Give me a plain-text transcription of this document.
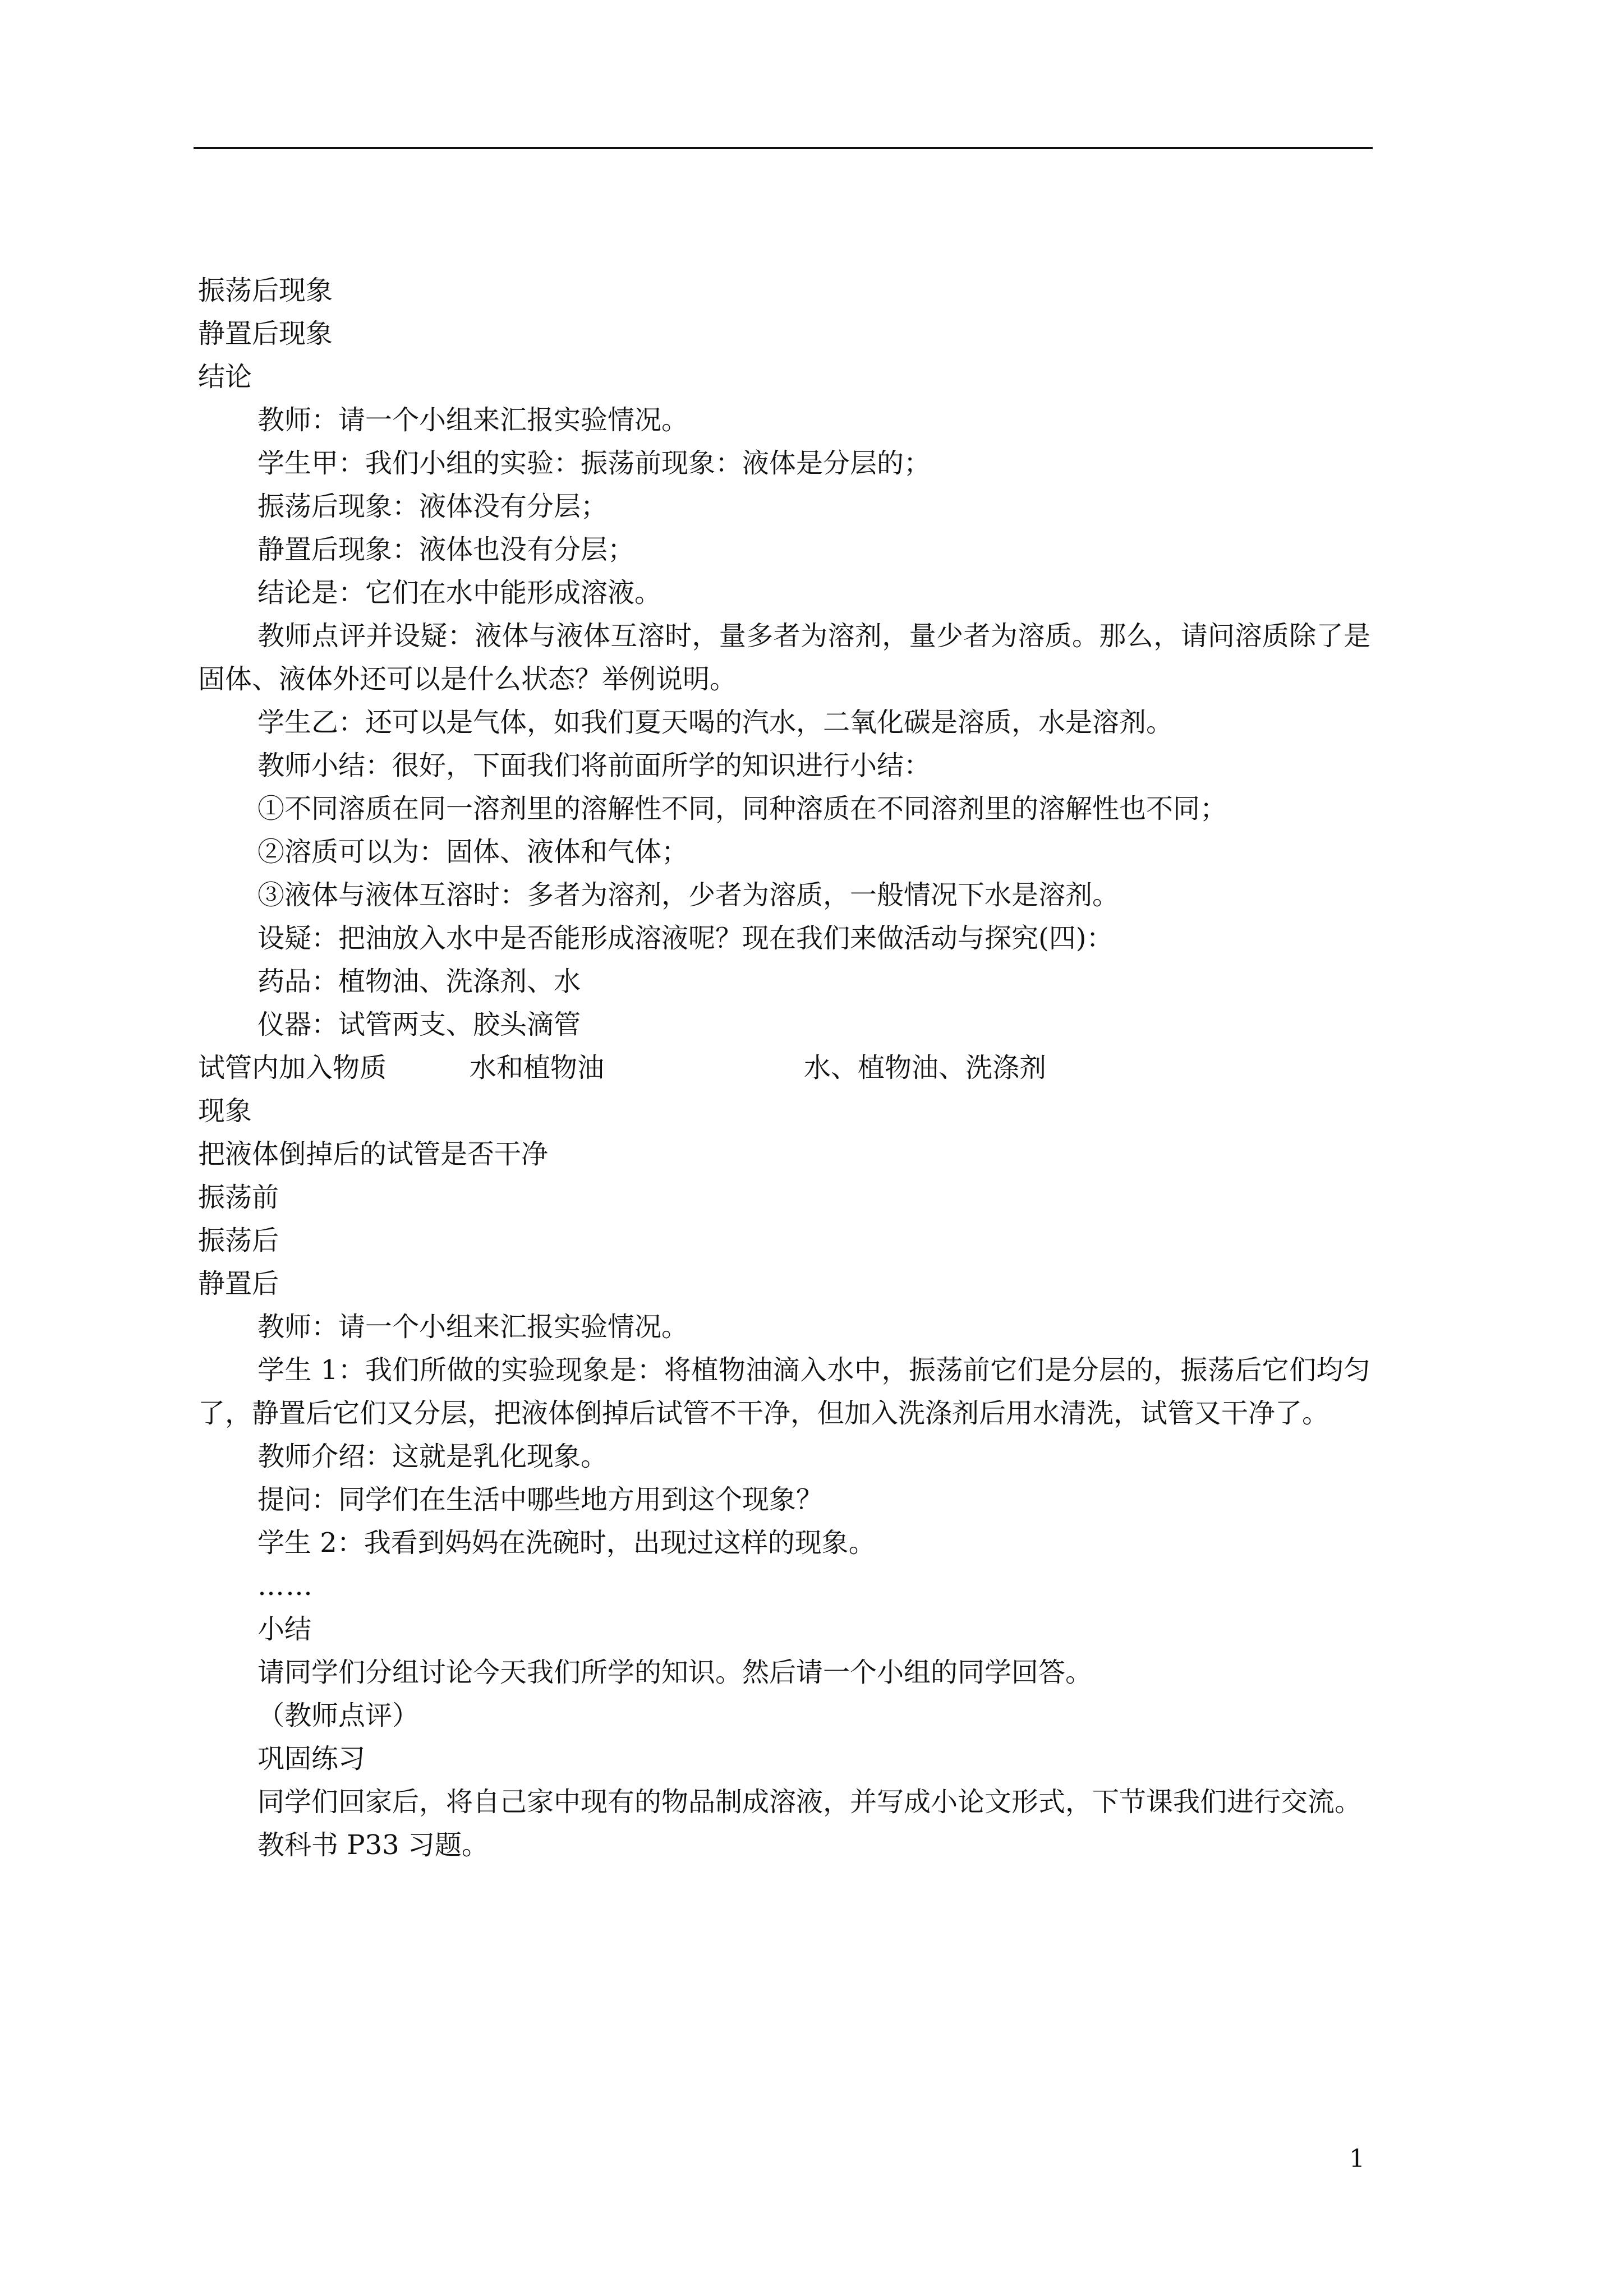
振荡后现象
静置后现象
结论
教师：请一个小组来汇报实验情况。
学生甲：我们小组的实验：振荡前现象：液体是分层的；
振荡后现象：液体没有分层；
静置后现象：液体也没有分层；
结论是：它们在水中能形成溶液。
教师点评并设疑：液体与液体互溶时，量多者为溶剂，量少者为溶质。那么，请问溶质除了是固体、液体外还可以是什么状态？举例说明。
学生乙：还可以是气体，如我们夏天喝的汽水，二氧化碳是溶质，水是溶剂。
教师小结：很好，下面我们将前面所学的知识进行小结：
①不同溶质在同一溶剂里的溶解性不同，同种溶质在不同溶剂里的溶解性也不同；
②溶质可以为：固体、液体和气体；
③液体与液体互溶时：多者为溶剂，少者为溶质，一般情况下水是溶剂。
设疑：把油放入水中是否能形成溶液呢？现在我们来做活动与探究(四)：
药品：植物油、洗涤剂、水
仪器：试管两支、胶头滴管
试管内加入物质	水和植物油	水、植物油、洗涤剂
现象
把液体倒掉后的试管是否干净
振荡前
振荡后
静置后
教师：请一个小组来汇报实验情况。
学生 1：我们所做的实验现象是：将植物油滴入水中，振荡前它们是分层的，振荡后它们均匀了，静置后它们又分层，把液体倒掉后试管不干净，但加入洗涤剂后用水清洗，试管又干净了。
教师介绍：这就是乳化现象。
提问：同学们在生活中哪些地方用到这个现象？
学生 2：我看到妈妈在洗碗时，出现过这样的现象。
……
小结
请同学们分组讨论今天我们所学的知识。然后请一个小组的同学回答。
（教师点评）
巩固练习
同学们回家后，将自己家中现有的物品制成溶液，并写成小论文形式，下节课我们进行交流。
教科书 P33 习题。
1
